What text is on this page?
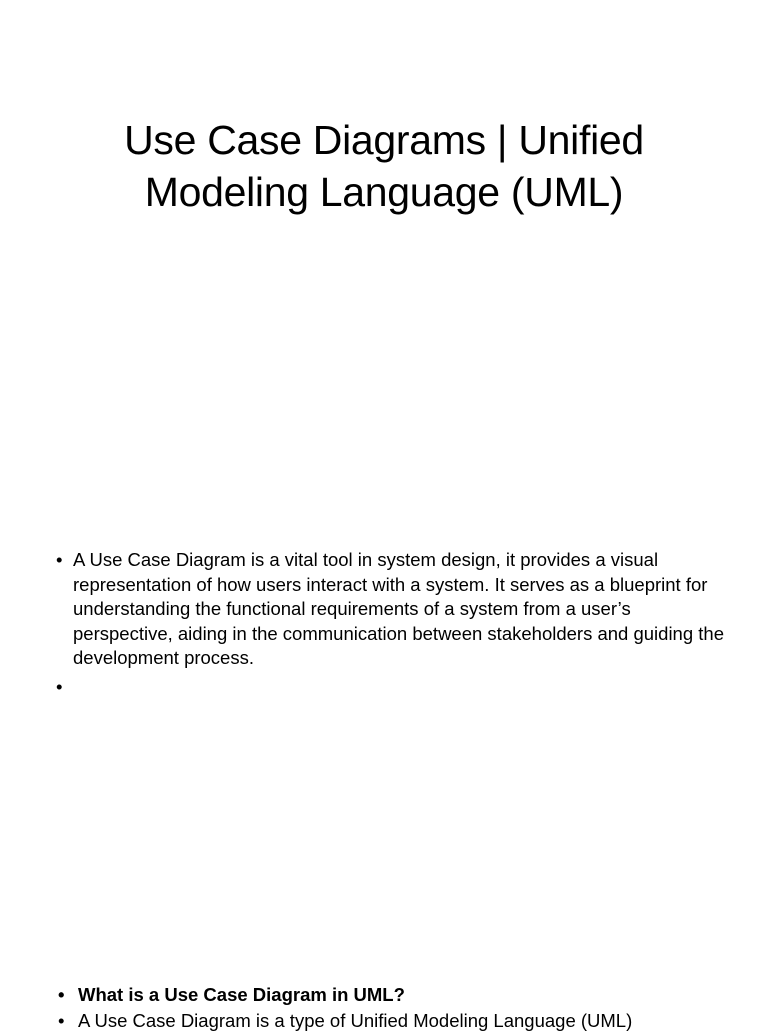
Use Case Diagrams | Unified Modeling Language (UML)
• A Use Case Diagram is a vital tool in system design, it provides a visual representation of how users interact with a system. It serves as a blueprint for understanding the functional requirements of a system from a user’s perspective, aiding in the communication between stakeholders and guiding the development process.
•
• What is a Use Case Diagram in UML?
• A Use Case Diagram is a type of Unified Modeling Language (UML)
